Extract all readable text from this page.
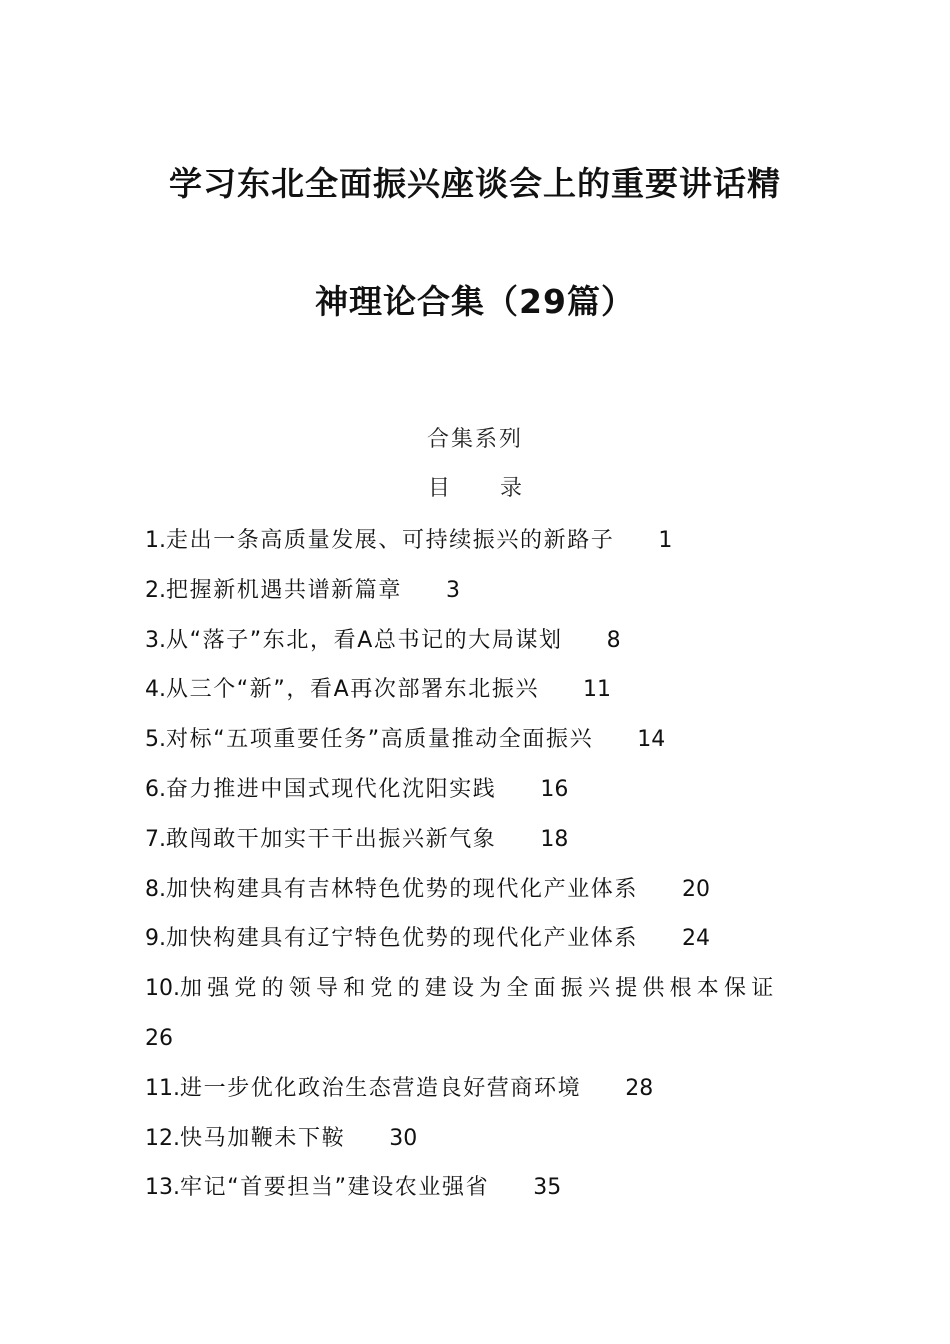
学习东北全面振兴座谈会上的重要讲话精
神理论合集（29篇）
合集系列
目 录
1.走出一条高质量发展、可持续振兴的新路子 1
2.把握新机遇共谱新篇章 3
3.从“落子”东北，看A总书记的大局谋划 8
4.从三个“新”，看A再次部署东北振兴 11
5.对标“五项重要任务”高质量推动全面振兴 14
6.奋力推进中国式现代化沈阳实践 16
7.敢闯敢干加实干干出振兴新气象 18
8.加快构建具有吉林特色优势的现代化产业体系 20
9.加快构建具有辽宁特色优势的现代化产业体系 24
10.加强党的领导和党的建设为全面振兴提供根本保证
26
11.进一步优化政治生态营造良好营商环境 28
12.快马加鞭未下鞍 30
13.牢记“首要担当”建设农业强省 35
